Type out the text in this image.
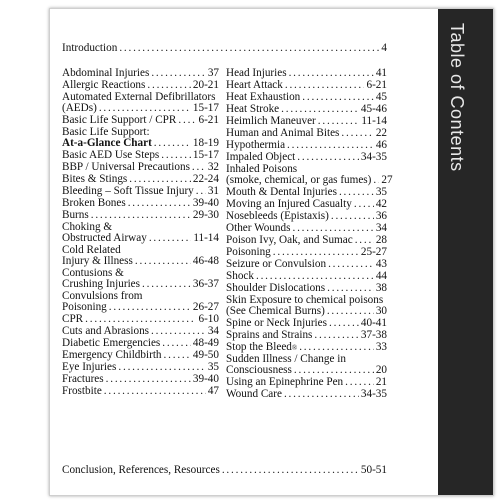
Table of Contents
Introduction . . .	4
Abdominal Injuries . . .	37
Allergic Reactions . . .	20-21
Automated External Defibrillators
(AEDs) . . .	15-17
Basic Life Support / CPR . . . 6-21
Basic Life Support:
At-a-Glance Chart . . .	18-19
Basic AED Use Steps . . .	15-17
BBP / Universal Precautions . . . 32
Bites & Stings . . .	22-24
Bleeding – Soft Tissue Injury . . . 31
Broken Bones . . .	39-40
Burns . . .	29-30
Choking &
Obstructed Airway . . .	11-14
Cold Related
Injury & Illness . . .	46-48
Contusions &
Crushing Injuries . . .	36-37
Convulsions from
Poisoning . . .	26-27
CPR . . .	6-10
Cuts and Abrasions . . .	34
Diabetic Emergencies . . .	48-49
Emergency Childbirth . . .	49-50
Eye Injuries . . .	35
Fractures . . .	39-40
Frostbite . . .	47
Head Injuries . . .	41
Heart Attack . . .	6-21
Heat Exhaustion . . .	45
Heat Stroke . . .	45-46
Heimlich Maneuver . . .	11-14
Human and Animal Bites . . .	22
Hypothermia . . .	46
Impaled Object . . .	34-35
Inhaled Poisons
(smoke, chemical, or gas fumes) . . . 27
Mouth & Dental Injuries . . .	35
Moving an Injured Casualty . . . 42
Nosebleeds (Epistaxis) . . .	36
Other Wounds . . .	34
Poison Ivy, Oak, and Sumac . . . 28
Poisoning . . .	25-27
Seizure or Convulsion . . .	43
Shock . . .	44
Shoulder Dislocations . . .	38
Skin Exposure to chemical poisons
(See Chemical Burns) . . .	30
Spine or Neck Injuries . . .	40-41
Sprains and Strains . . .	37-38
Stop the Bleed ® . . .	33
Sudden Illness / Change in
Consciousness . . .	20
Using an Epinephrine Pen . . .	21
Wound Care . . .	34-35
Conclusion, References, Resources . . .	50-51
